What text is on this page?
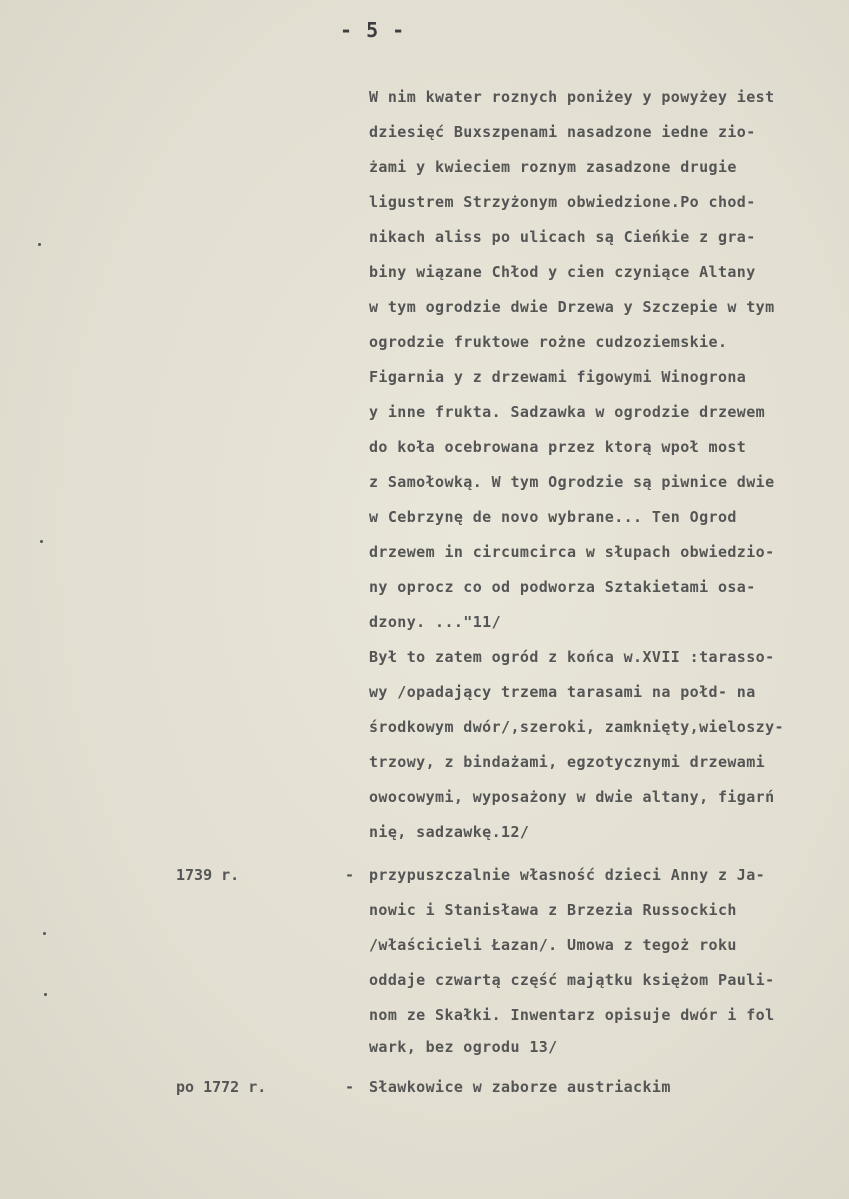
- 5 -
W nim kwater roznych poniżey y powyżey iest
dziesięć Buxszpenami nasadzone iedne zio-
żami y kwieciem roznym zasadzone drugie
ligustrem Strzyżonym obwiedzione.Po chod-
nikach aliss po ulicach są Cieńkie z gra-
biny wiązane Chłod y cien czyniące Altany
w tym ogrodzie dwie Drzewa y Szczepie w tym
ogrodzie fruktowe rożne cudzoziemskie.
Figarnia y z drzewami figowymi Winogrona
y inne frukta. Sadzawka w ogrodzie drzewem
do koła ocebrowana przez ktorą wpoł most
z Samołowką. W tym Ogrodzie są piwnice dwie
w Cebrzynę de novo wybrane... Ten Ogrod
drzewem in circumcirca w słupach obwiedzio-
ny oprocz co od podworza Sztakietami osa-
dzony. ..."11/
Był to zatem ogród z końca w.XVII :tarasso-
wy /opadający trzema tarasami na połd- na
środkowym dwór/,szeroki, zamknięty,wieloszy-
trzowy, z bindażami, egzotycznymi drzewami
owocowymi, wyposażony w dwie altany, figarń
nię, sadzawkę.12/
1739 r.	- przypuszczalnie własność dzieci Anny z Ja-
nowic i Stanisława z Brzezia Russockich
/właścicieli Łazan/. Umowa z tegoż roku
oddaje czwartą część majątku księżom Pauli-
nom ze Skałki. Inwentarz opisuje dwór i fol
wark, bez ogrodu 13/
po 1772 r.	- Sławkowice w zaborze austriackim
